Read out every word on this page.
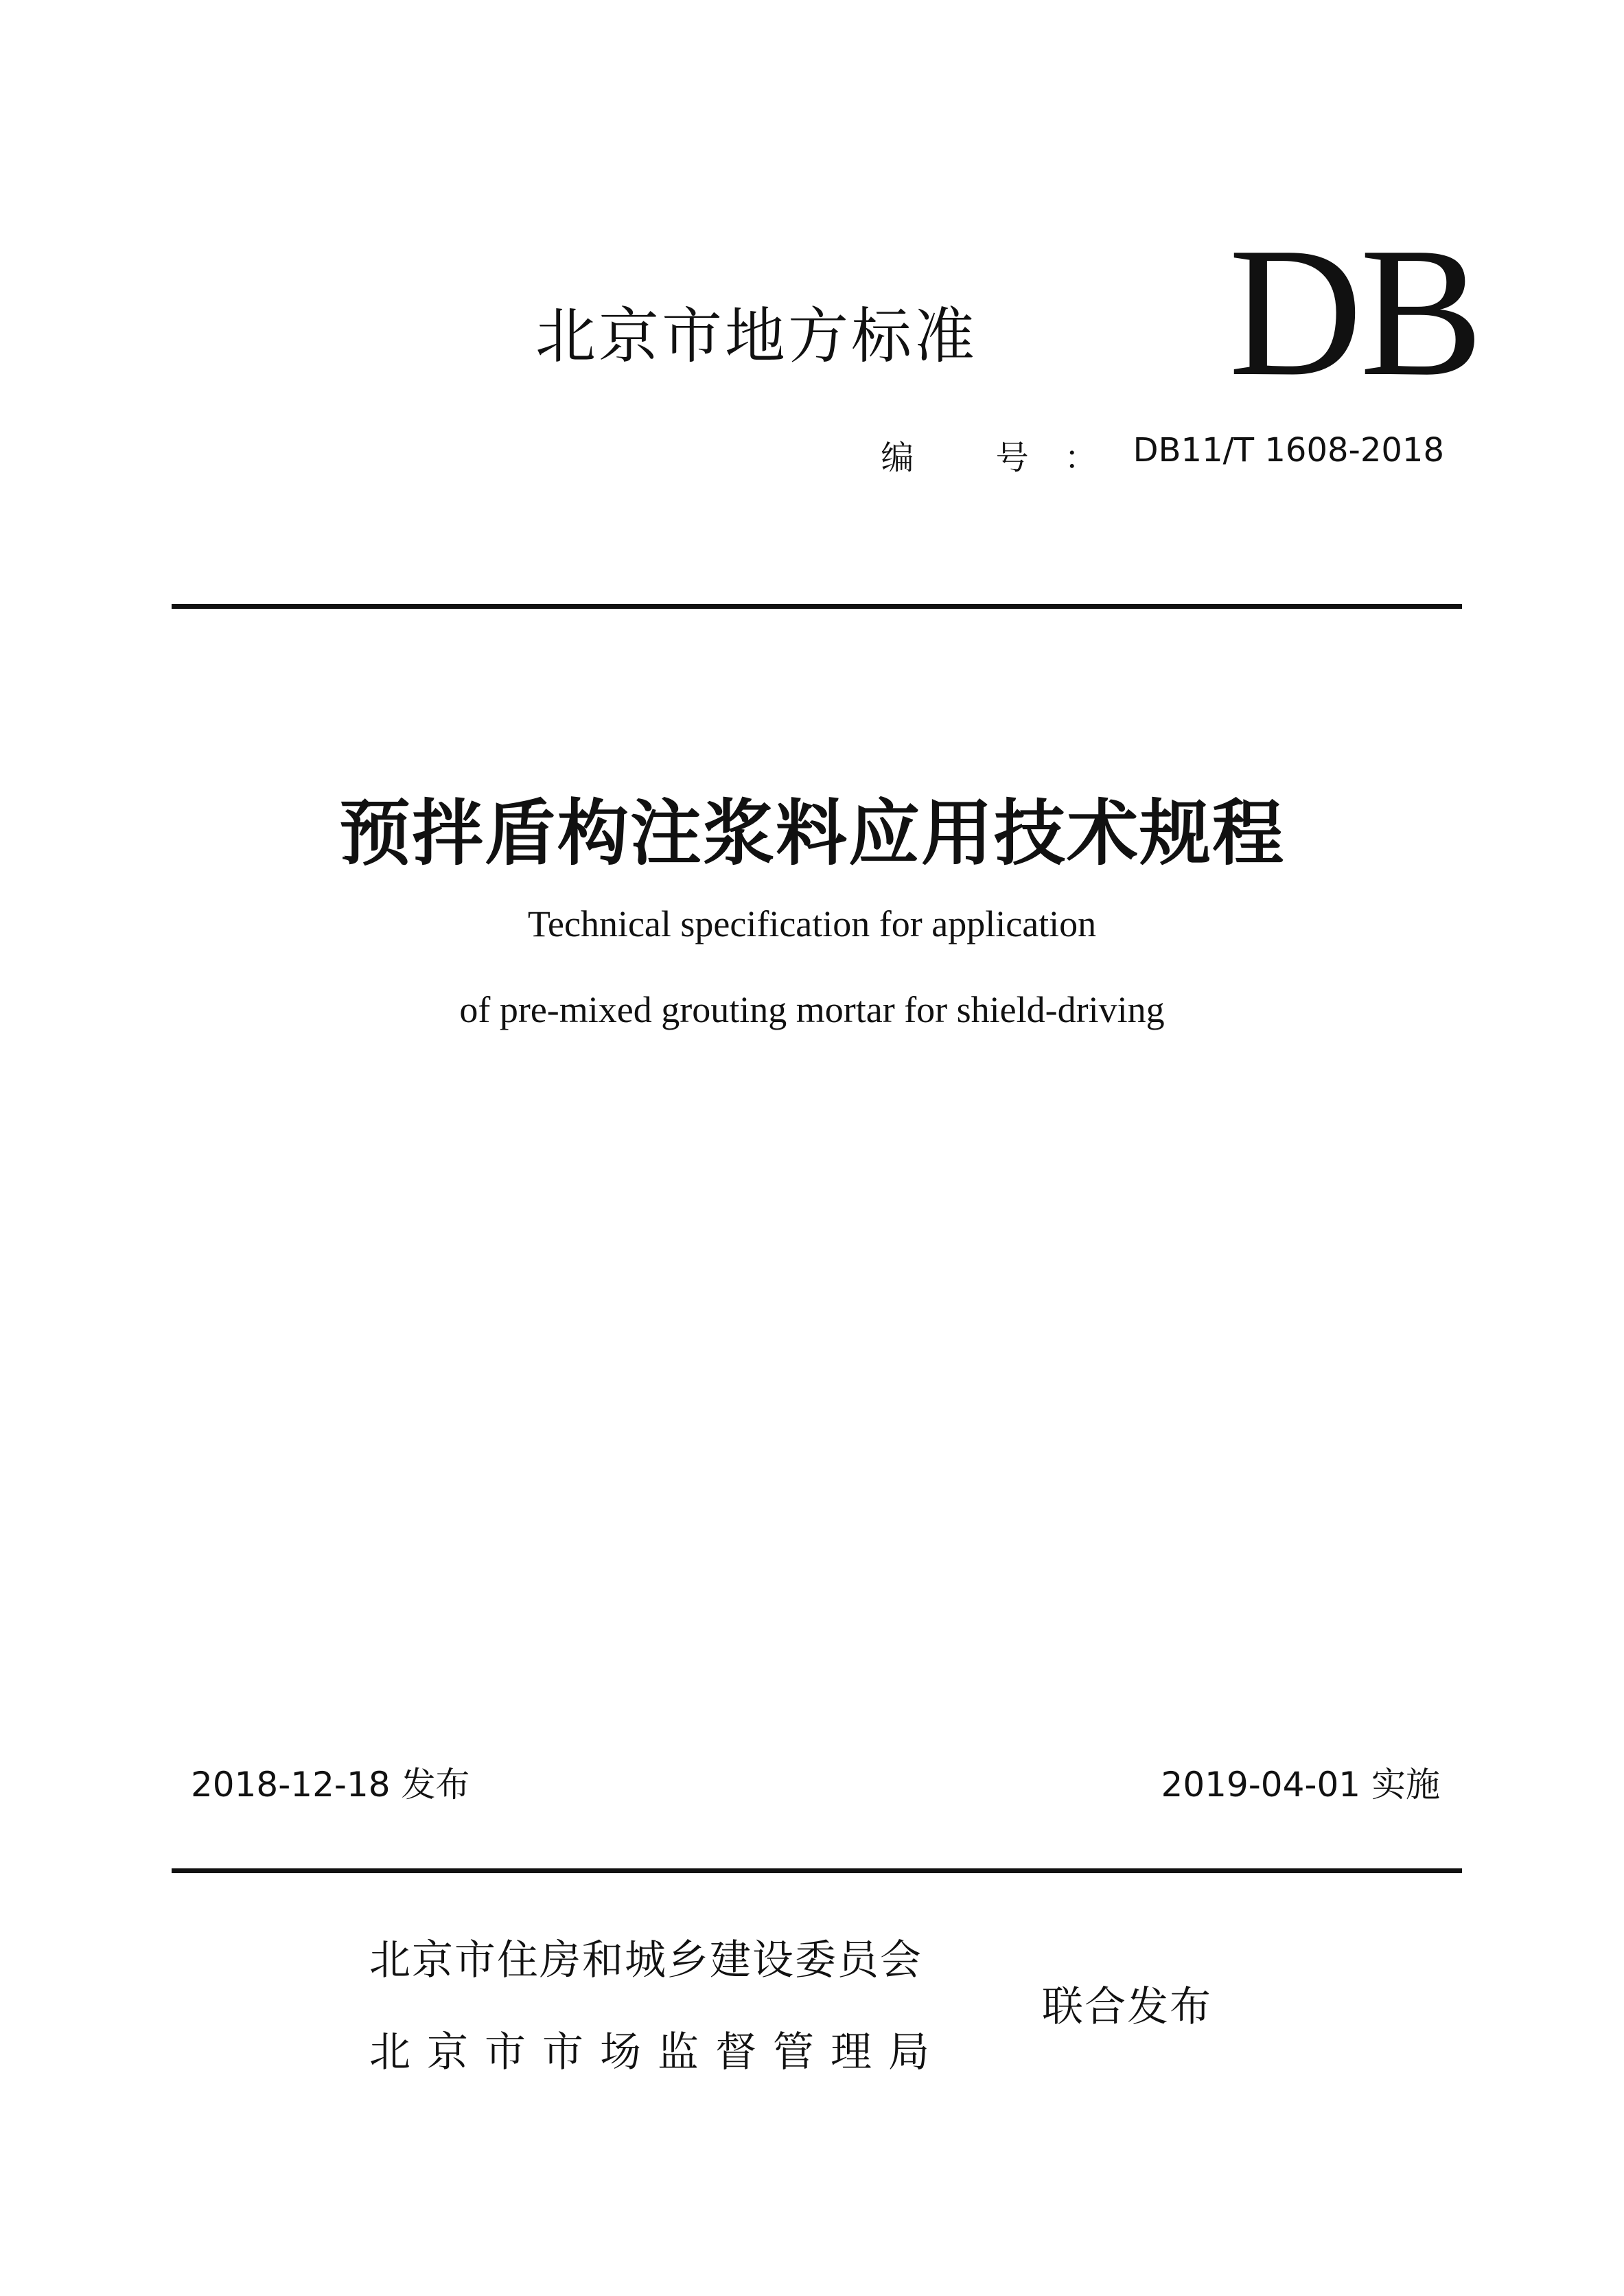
北京市地方标准 DB
编 号： DB11/T 1608-2018
预拌盾构注浆料应用技术规程
Technical specification for application
of pre-mixed grouting mortar for shield-driving
2018-12-18 发布	2019-04-01 实施
北京市住房和城乡建设委员会
北京市市场监督管理局
联合发布
